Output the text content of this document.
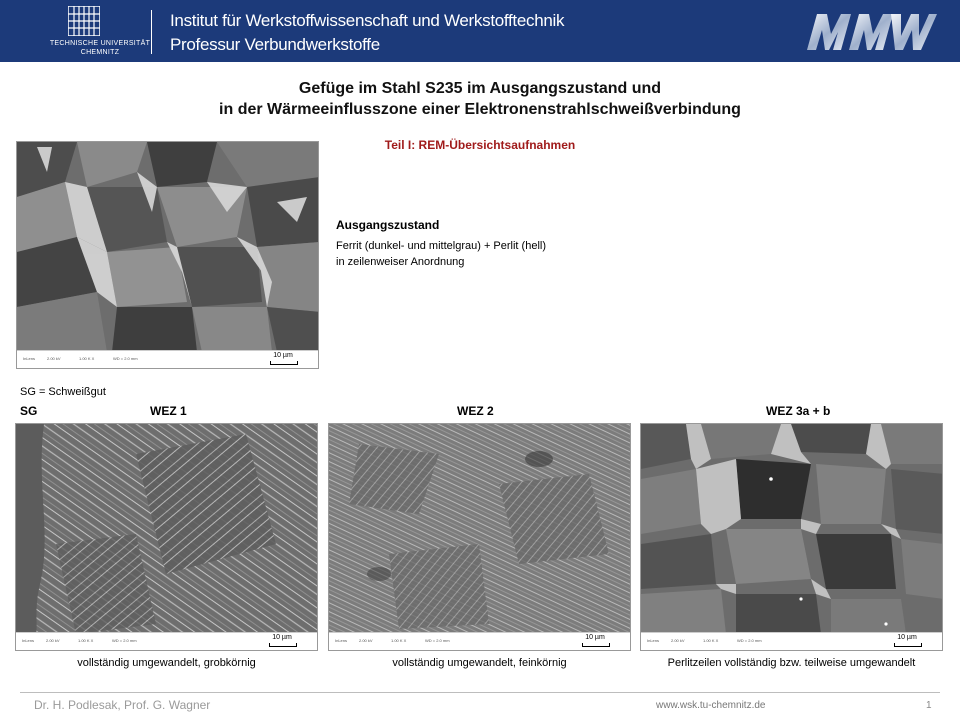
TECHNISCHE UNIVERSITÄT
CHEMNITZ
Institut für Werkstoffwissenschaft und Werkstofftechnik
Professur Verbundwerkstoffe
Gefüge im Stahl S235 im Ausgangszustand und
in der Wärmeeinflusszone einer Elektronenstrahlschweißverbindung
Teil I: REM-Übersichtsaufnahmen
InLens	2.00 kV	1.00 K X	WD = 2.0 mm	10 µm
Ausgangszustand
Ferrit (dunkel- und mittelgrau) + Perlit (hell)
in zeilenweiser Anordnung
SG = Schweißgut
SG	WEZ 1	WEZ 2	WEZ 3a + b
InLens	2.00 kV	1.00 K X	WD = 2.0 mm	10 µm	InLens	2.00 kV	1.00 K X	WD = 2.0 mm	10 µm	InLens	2.00 kV	1.00 K X	WD = 2.0 mm	10 µm
vollständig umgewandelt, grobkörnig	vollständig umgewandelt, feinkörnig	Perlitzeilen vollständig bzw. teilweise umgewandelt
Dr. H. Podlesak, Prof. G. Wagner	www.wsk.tu-chemnitz.de	1
